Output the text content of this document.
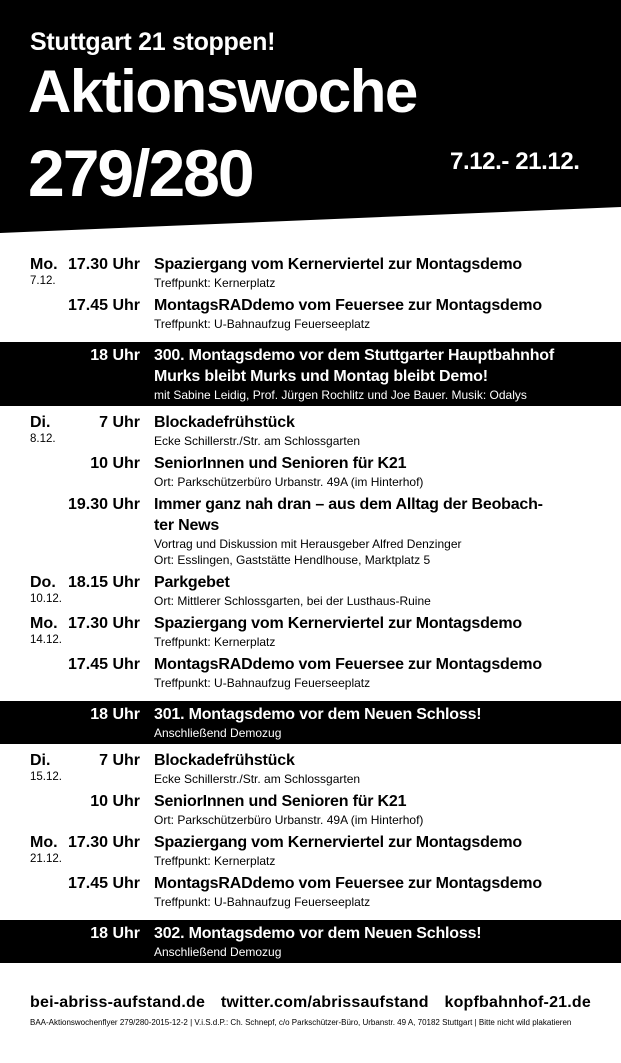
Stuttgart 21 stoppen!
Aktionswoche
279/280	7.12.- 21.12.
Mo.
7.12.
17.30 Uhr Spaziergang vom Kernerviertel zur Montagsdemo
Treffpunkt: Kernerplatz
17.45 Uhr MontagsRADdemo vom Feuersee zur Montagsdemo
Treffpunkt: U-Bahnaufzug Feuerseeplatz
18 Uhr 300. Montagsdemo vor dem Stuttgarter Hauptbahnhof
Murks bleibt Murks und Montag bleibt Demo!
mit Sabine Leidig, Prof. Jürgen Rochlitz und Joe Bauer. Musik: Odalys
Di.
8.12.
7 Uhr Blockadefrühstück
Ecke Schillerstr./Str. am Schlossgarten
10 Uhr SeniorInnen und Senioren für K21
Ort: Parkschützerbüro Urbanstr. 49A (im Hinterhof)
19.30 Uhr Immer ganz nah dran – aus dem Alltag der Beobach-
ter News
Vortrag und Diskussion mit Herausgeber Alfred Denzinger
Ort: Esslingen, Gaststätte Hendlhouse, Marktplatz 5
Do.
10.12.
18.15 Uhr Parkgebet
Ort: Mittlerer Schlossgarten, bei der Lusthaus-Ruine
Mo.
14.12.
17.30 Uhr Spaziergang vom Kernerviertel zur Montagsdemo
Treffpunkt: Kernerplatz
17.45 Uhr MontagsRADdemo vom Feuersee zur Montagsdemo
Treffpunkt: U-Bahnaufzug Feuerseeplatz
18 Uhr 301. Montagsdemo vor dem Neuen Schloss!
Anschließend Demozug
Di.
15.12.
7 Uhr Blockadefrühstück
Ecke Schillerstr./Str. am Schlossgarten
10 Uhr SeniorInnen und Senioren für K21
Ort: Parkschützerbüro Urbanstr. 49A (im Hinterhof)
Mo.
21.12.
17.30 Uhr Spaziergang vom Kernerviertel zur Montagsdemo
Treffpunkt: Kernerplatz
17.45 Uhr MontagsRADdemo vom Feuersee zur Montagsdemo
Treffpunkt: U-Bahnaufzug Feuerseeplatz
18 Uhr 302. Montagsdemo vor dem Neuen Schloss!
Anschließend Demozug
bei-abriss-aufstand.de twitter.com/abrissaufstand kopfbahnhof-21.de
BAA-Aktionswochenflyer 279/280-2015-12-2 | V.i.S.d.P.: Ch. Schnepf, c/o Parkschützer-Büro, Urbanstr. 49 A, 70182 Stuttgart | Bitte nicht wild plakatieren
